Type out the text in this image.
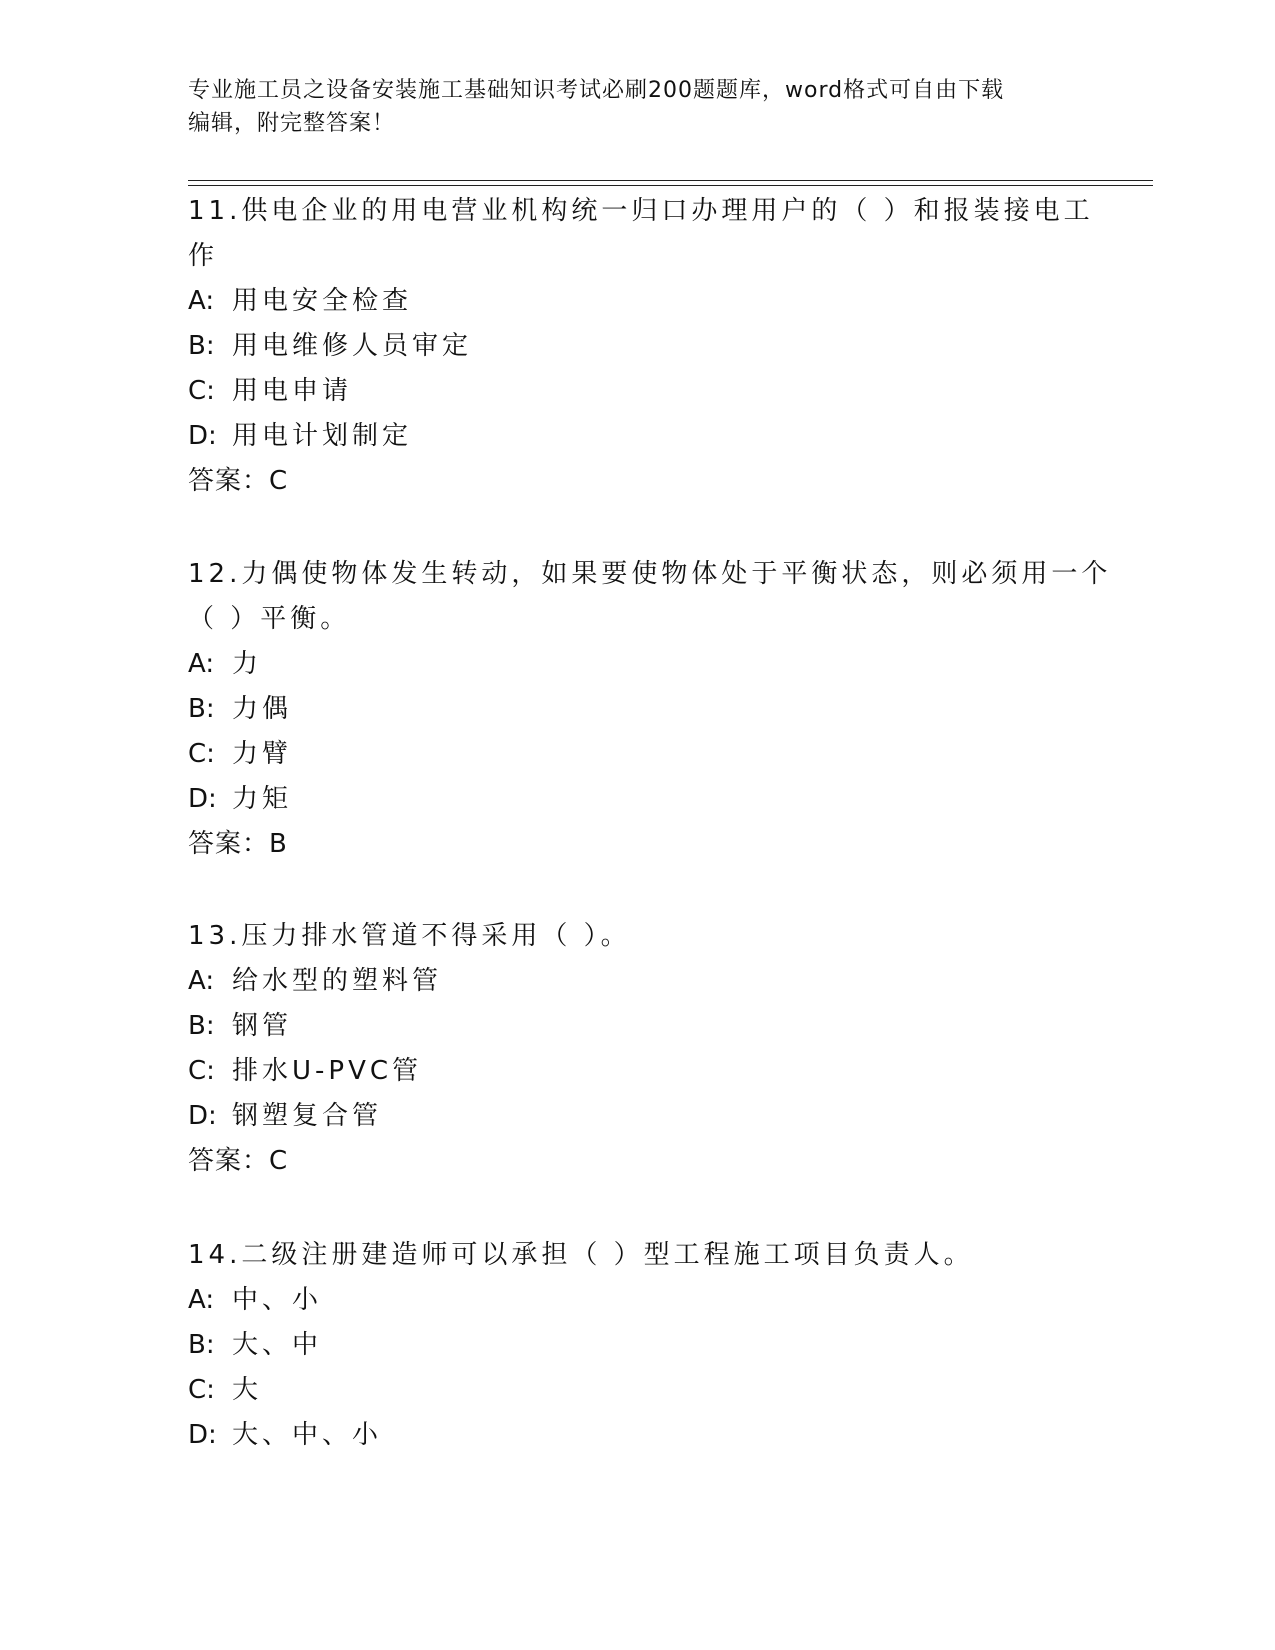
专业施工员之设备安装施工基础知识考试必刷200题题库，word格式可自由下载
编辑，附完整答案！
11.供电企业的用电营业机构统一归口办理用户的（ ）和报装接电工
作
A: 用电安全检查
B: 用电维修人员审定
C: 用电申请
D: 用电计划制定
答案：C
12.力偶使物体发生转动，如果要使物体处于平衡状态，则必须用一个
（ ）平衡。
A: 力
B: 力偶
C: 力臂
D: 力矩
答案：B
13.压力排水管道不得采用（ ）。
A: 给水型的塑料管
B: 钢管
C: 排水U-PVC管
D: 钢塑复合管
答案：C
14.二级注册建造师可以承担（ ）型工程施工项目负责人。
A: 中、小
B: 大、中
C: 大
D: 大、中、小
